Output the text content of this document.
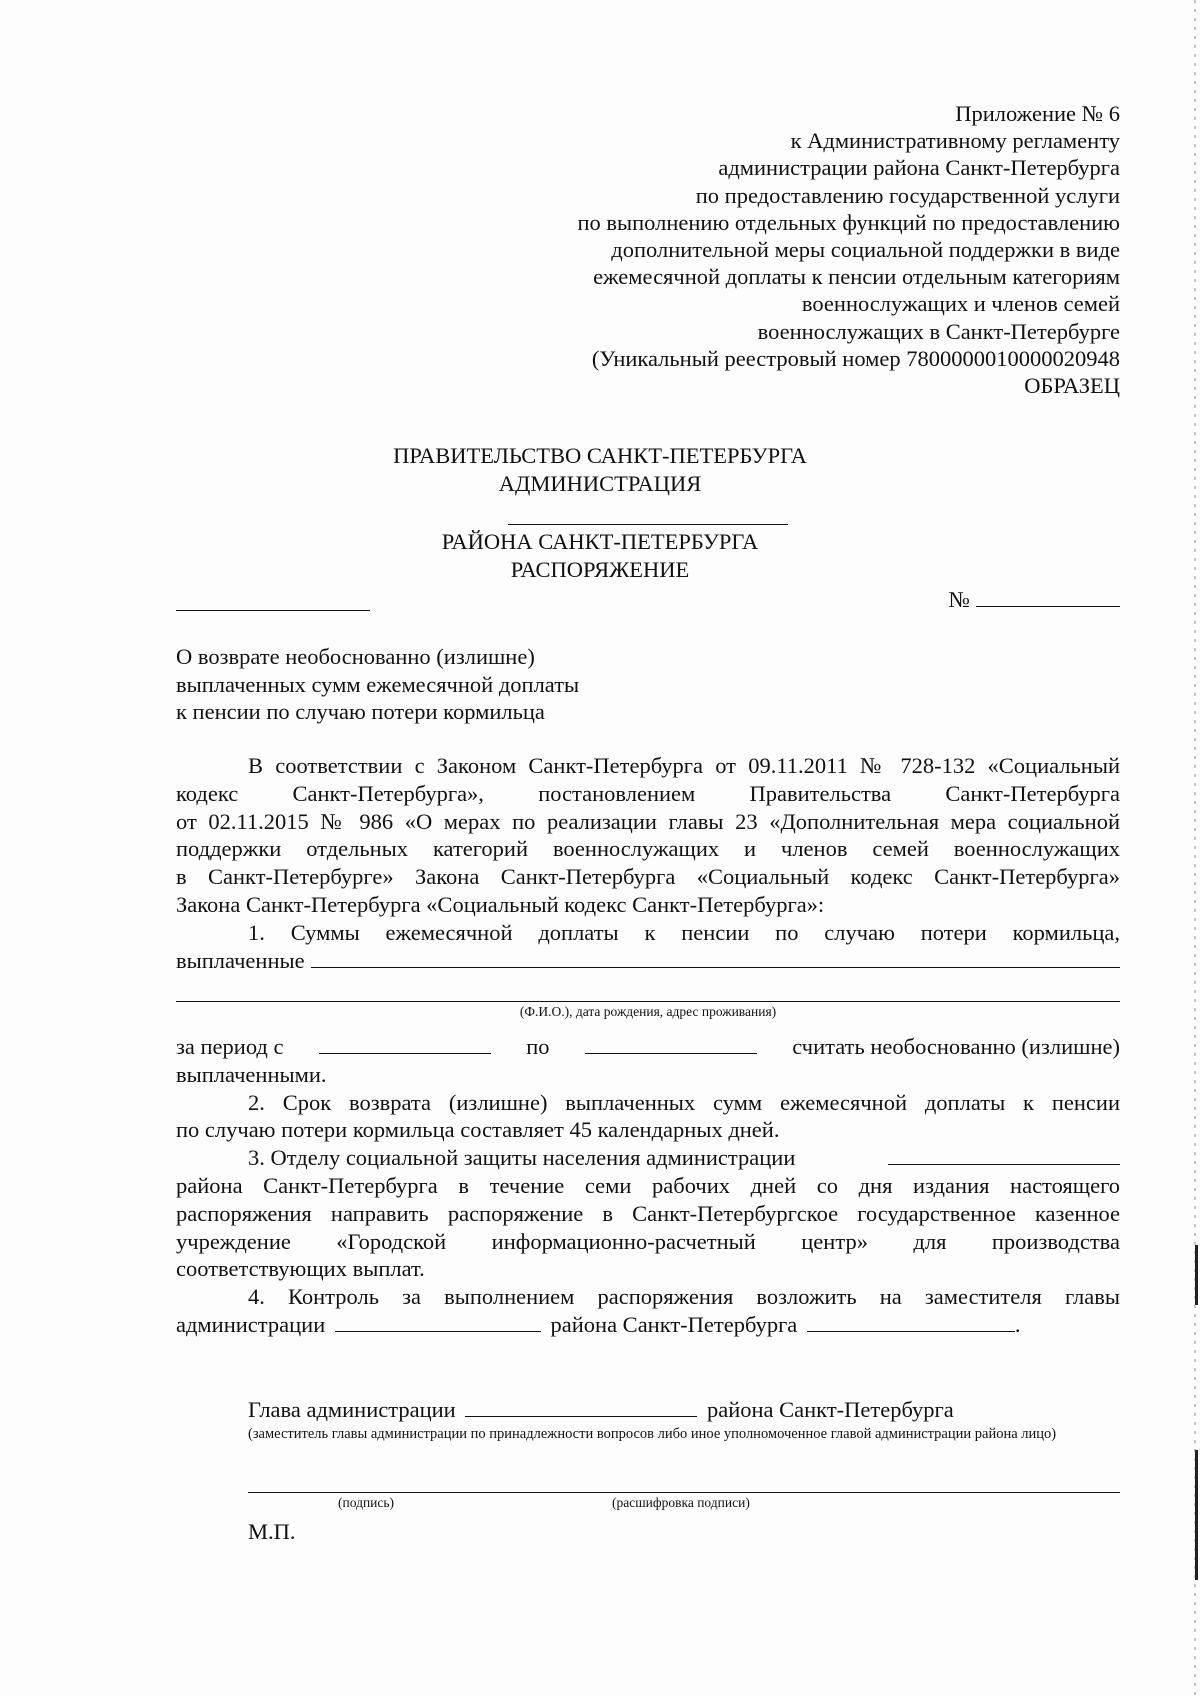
Приложение № 6
к Административному регламенту
администрации района Санкт-Петербурга
по предоставлению государственной услуги
по выполнению отдельных функций по предоставлению
дополнительной меры социальной поддержки в виде
ежемесячной доплаты к пенсии отдельным категориям
военнослужащих и членов семей
военнослужащих в Санкт-Петербурге
(Уникальный реестровый номер 7800000010000020948
ОБРАЗЕЦ
ПРАВИТЕЛЬСТВО САНКТ-ПЕТЕРБУРГА
АДМИНИСТРАЦИЯ
РАЙОНА САНКТ-ПЕТЕРБУРГА
РАСПОРЯЖЕНИЕ
№
О возврате необоснованно (излишне)
выплаченных сумм ежемесячной доплаты
к пенсии по случаю потери кормильца
В соответствии с Законом Санкт-Петербурга от 09.11.2011 № 728-132 «Социальный
кодекс Санкт-Петербурга», постановлением Правительства Санкт-Петербурга
от 02.11.2015 № 986 «О мерах по реализации главы 23 «Дополнительная мера социальной
поддержки отдельных категорий военнослужащих и членов семей военнослужащих
в Санкт-Петербурге» Закона Санкт-Петербурга «Социальный кодекс Санкт-Петербурга»
Закона Санкт-Петербурга «Социальный кодекс Санкт-Петербурга»:
1. Суммы ежемесячной доплаты к пенсии по случаю потери кормильца,
выплаченные
(Ф.И.О.), дата рождения, адрес проживания)
за период с	по	считать необоснованно (излишне)
выплаченными.
2. Срок возврата (излишне) выплаченных сумм ежемесячной доплаты к пенсии
по случаю потери кормильца составляет 45 календарных дней.
3. Отделу социальной защиты населения администрации
района Санкт-Петербурга в течение семи рабочих дней со дня издания настоящего
распоряжения направить распоряжение в Санкт-Петербургское государственное казенное
учреждение «Городской информационно-расчетный центр» для производства
соответствующих выплат.
4. Контроль за выполнением распоряжения возложить на заместителя главы
администрации	района Санкт-Петербурга	.
Глава администрации	района Санкт-Петербурга
(заместитель главы администрации по принадлежности вопросов либо иное уполномоченное главой администрации района лицо)
(подпись)	(расшифровка подписи)
М.П.
